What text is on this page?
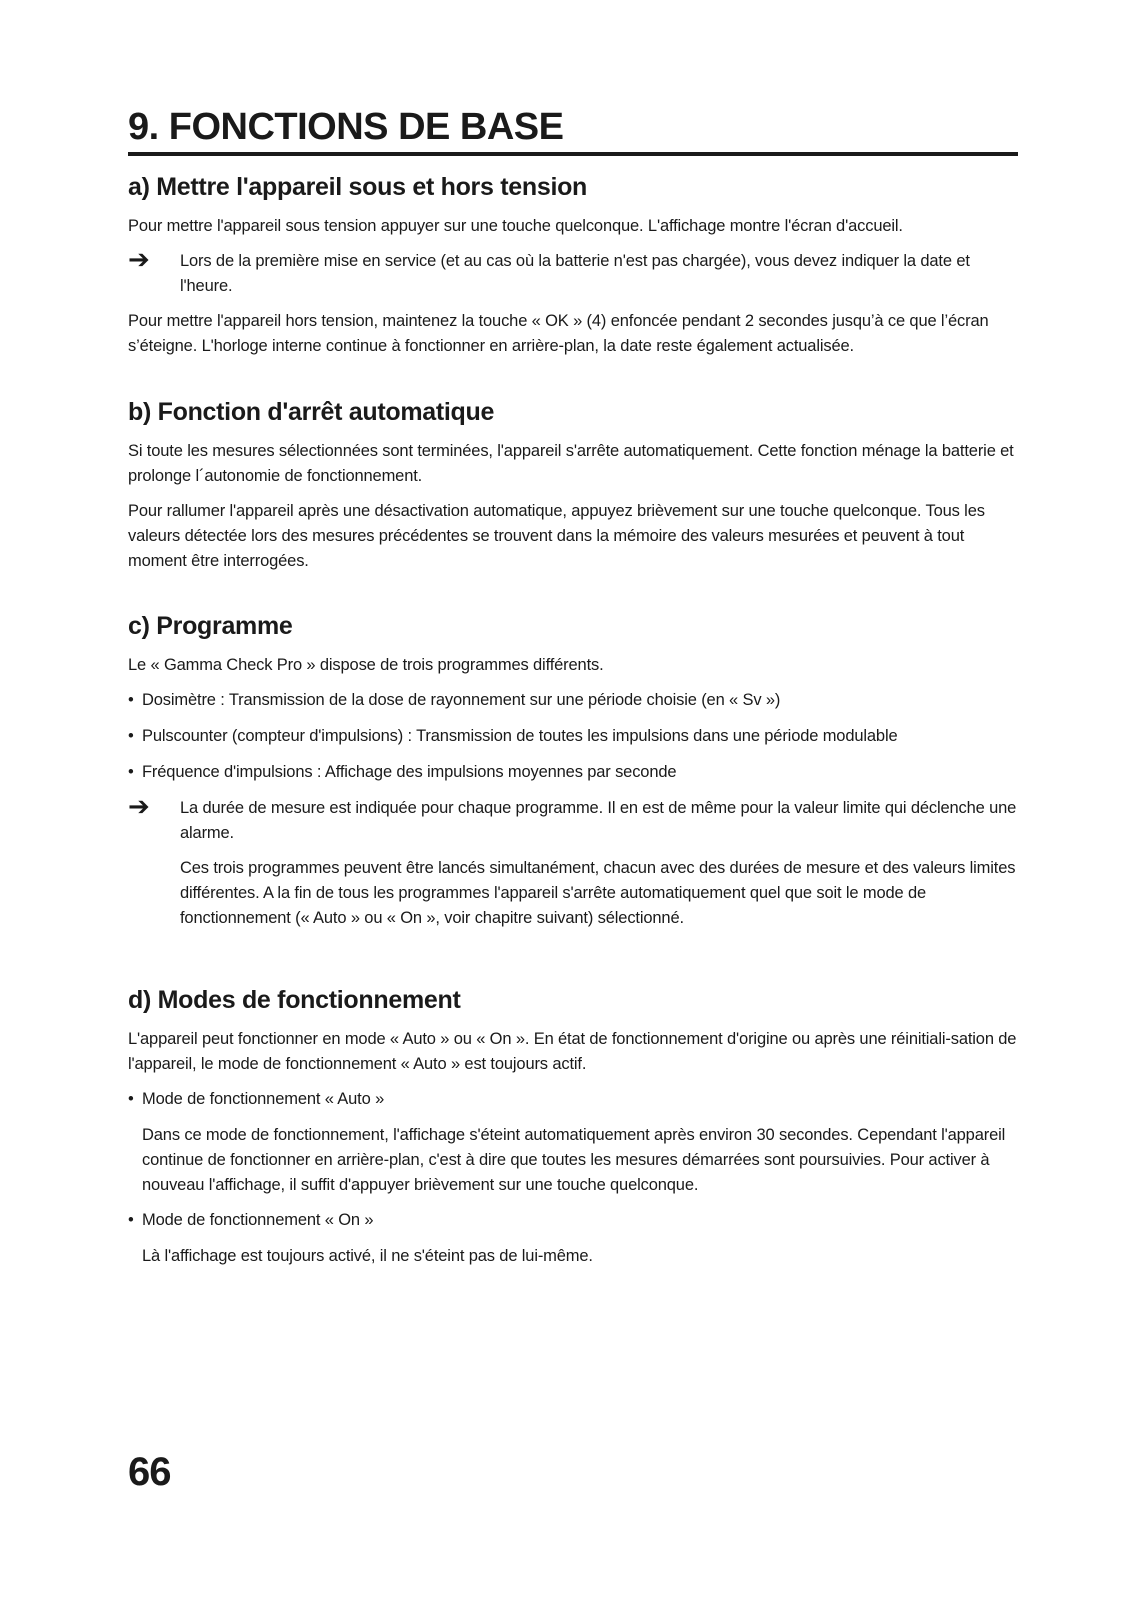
9. FONCTIONS DE BASE
a) Mettre l'appareil sous et hors tension

Pour mettre l'appareil sous tension appuyer sur une touche quelconque. L'affichage montre l'écran d'accueil.

➔ Lors de la première mise en service (et au cas où la batterie n'est pas chargée), vous devez indiquer la date et l'heure.

Pour mettre l'appareil hors tension, maintenez la touche « OK » (4) enfoncée pendant 2 secondes jusqu’à ce que l’écran s’éteigne. L'horloge interne continue à fonctionner en arrière-plan, la date reste également actualisée.

b) Fonction d'arrêt automatique

Si toute les mesures sélectionnées sont terminées, l'appareil s'arrête automatiquement. Cette fonction ménage la batterie et prolonge l´autonomie de fonctionnement.

Pour rallumer l'appareil après une désactivation automatique, appuyez brièvement sur une touche quelconque. Tous les valeurs détectée lors des mesures précédentes se trouvent dans la mémoire des valeurs mesurées et peuvent à tout moment être interrogées.

c) Programme

Le « Gamma Check Pro » dispose de trois programmes différents.

• Dosimètre : Transmission de la dose de rayonnement sur une période choisie (en « Sv »)
• Pulscounter (compteur d'impulsions) : Transmission de toutes les impulsions dans une période modulable
• Fréquence d'impulsions : Affichage des impulsions moyennes par seconde
➔ La durée de mesure est indiquée pour chaque programme. Il en est de même pour la valeur limite qui déclenche une alarme.

Ces trois programmes peuvent être lancés simultanément, chacun avec des durées de mesure et des valeurs limites différentes. A la fin de tous les programmes l'appareil s'arrête automatiquement quel que soit le mode de fonctionnement (« Auto » ou « On », voir chapitre suivant) sélectionné.

d) Modes de fonctionnement

L'appareil peut fonctionner en mode « Auto » ou « On ». En état de fonctionnement d'origine ou après une réinitiali-sation de l'appareil, le mode de fonctionnement « Auto » est toujours actif.

• Mode de fonctionnement « Auto »

Dans ce mode de fonctionnement, l'affichage s'éteint automatiquement après environ 30 secondes. Cependant l'appareil continue de fonctionner en arrière-plan, c'est à dire que toutes les mesures démarrées sont poursuivies. Pour activer à nouveau l'affichage, il suffit d'appuyer brièvement sur une touche quelconque.

• Mode de fonctionnement « On »

Là l'affichage est toujours activé, il ne s'éteint pas de lui-même.

66
